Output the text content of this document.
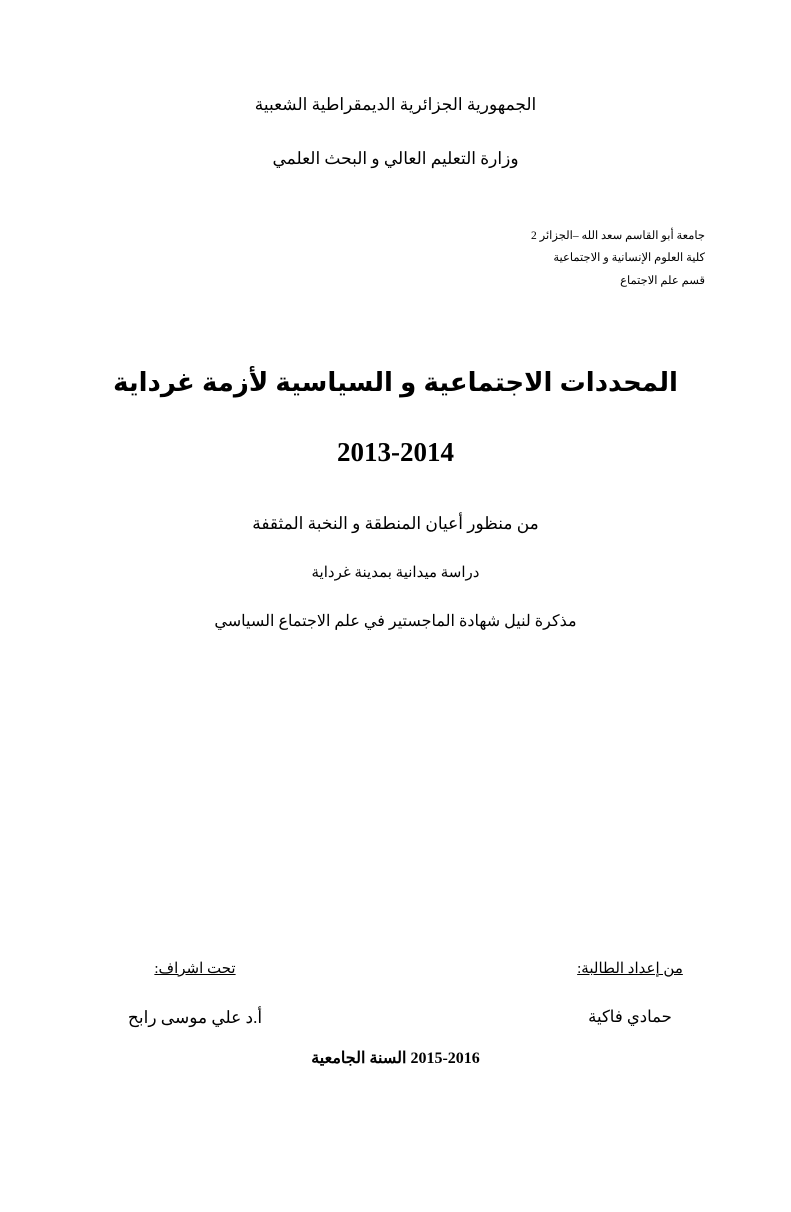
الجمهورية الجزائرية الديمقراطية الشعبية
وزارة التعليم العالي و البحث العلمي
جامعة أبو القاسم سعد الله –الجزائر 2
كلية العلوم الإنسانية و الاجتماعية
قسم علم الاجتماع
المحددات الاجتماعية و السياسية لأزمة غرداية
2013-2014
من منظور أعيان المنطقة و النخبة المثقفة
دراسة ميدانية بمدينة غرداية
مذكرة لنيل شهادة الماجستير في علم الاجتماع السياسي
من إعداد الطالبة:
حمادي فاكية
تحت اشراف:
أ.د علي موسى رابح
2015-2016 السنة الجامعية
